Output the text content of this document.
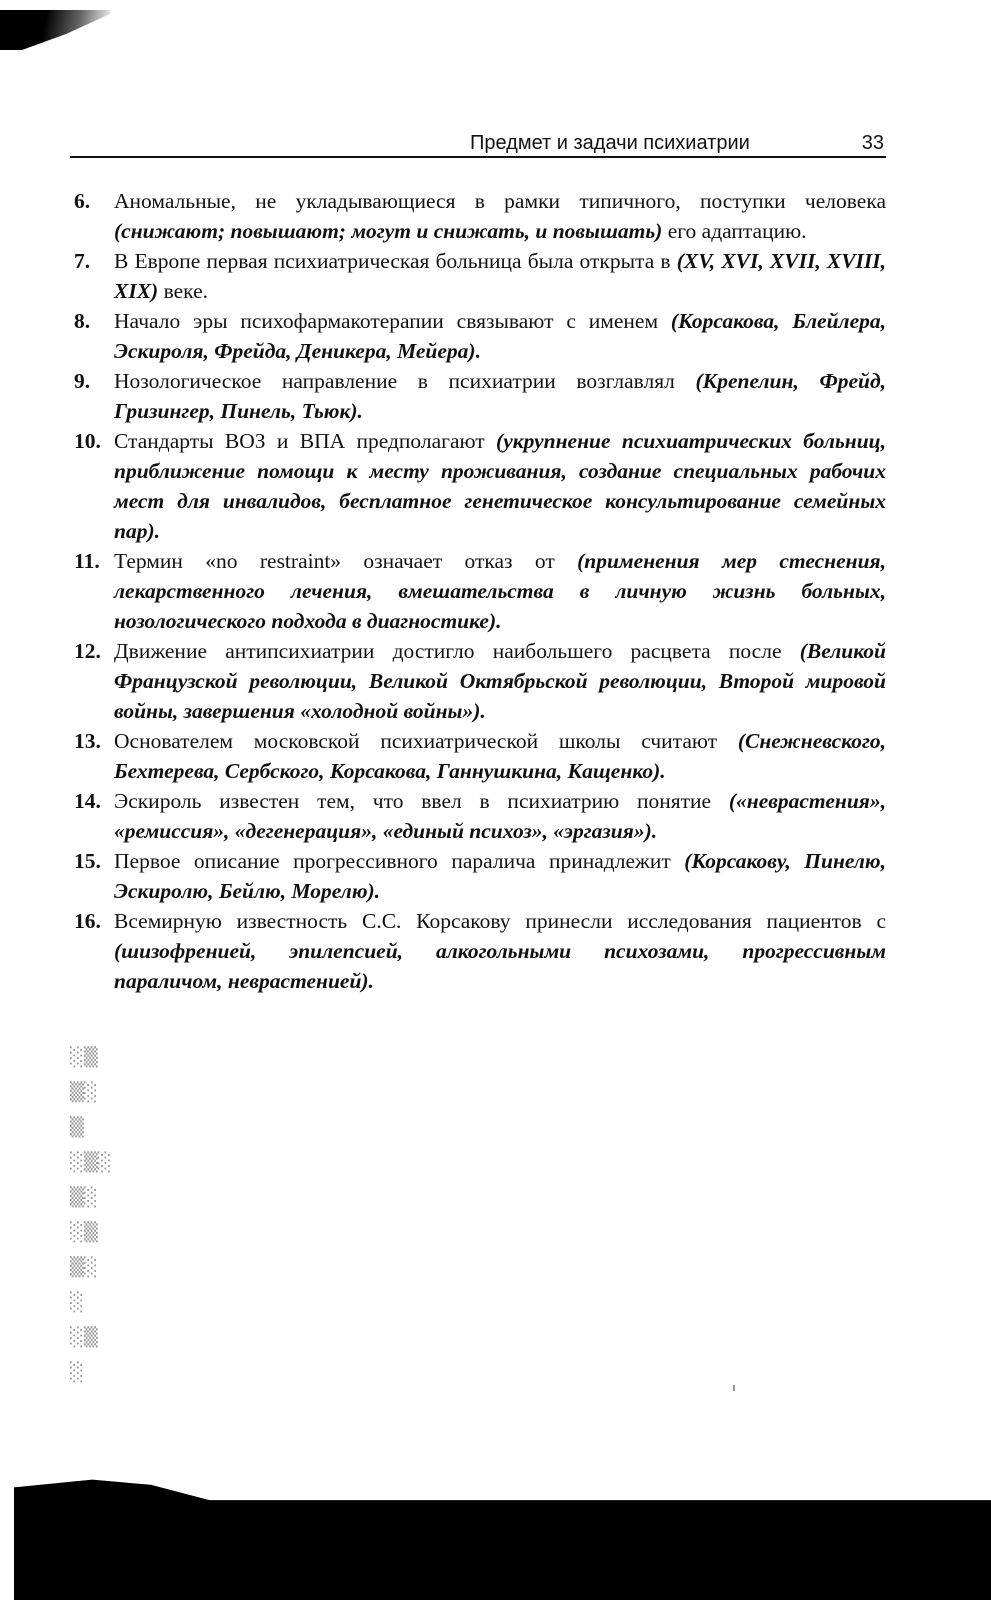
Предмет и задачи психиатрии	33

6. Аномальные, не укладывающиеся в рамки типичного, поступки человека (снижают; повышают; могут и снижать, и повышать) его адаптацию.

7. В Европе первая психиатрическая больница была открыта в (XV, XVI, XVII, XVIII, XIX) веке.

8. Начало эры психофармакотерапии связывают с именем (Корсакова, Блейлера, Эскироля, Фрейда, Деникера, Мейера).

9. Нозологическое направление в психиатрии возглавлял (Крепелин, Фрейд, Гризингер, Пинель, Тьюк).

10. Стандарты ВОЗ и ВПА предполагают (укрупнение психиатрических больниц, приближение помощи к месту проживания, создание специальных рабочих мест для инвалидов, бесплатное генетическое консультирование семейных пар).

11. Термин «no restraint» означает отказ от (применения мер стеснения, лекарственного лечения, вмешательства в личную жизнь больных, нозологического подхода в диагностике).

12. Движение антипсихиатрии достигло наибольшего расцвета после (Великой Французской революции, Великой Октябрьской революции, Второй мировой войны, завершения «холодной войны»).

13. Основателем московской психиатрической школы считают (Снежневского, Бехтерева, Сербского, Корсакова, Ганнушкина, Кащенко).

14. Эскироль известен тем, что ввел в психиатрию понятие («неврастения», «ремиссия», «дегенерация», «единый психоз», «эргазия»).

15. Первое описание прогрессивного паралича принадлежит (Корсакову, Пинелю, Эскиролю, Бейлю, Морелю).

16. Всемирную известность С.С. Корсакову принесли исследования пациентов с (шизофренией, эпилепсией, алкогольными психозами, прогрессивным параличом, неврастенией).

░▒
▒░
▒
░▒░
▒░
░▒
▒░
░
░▒
░
